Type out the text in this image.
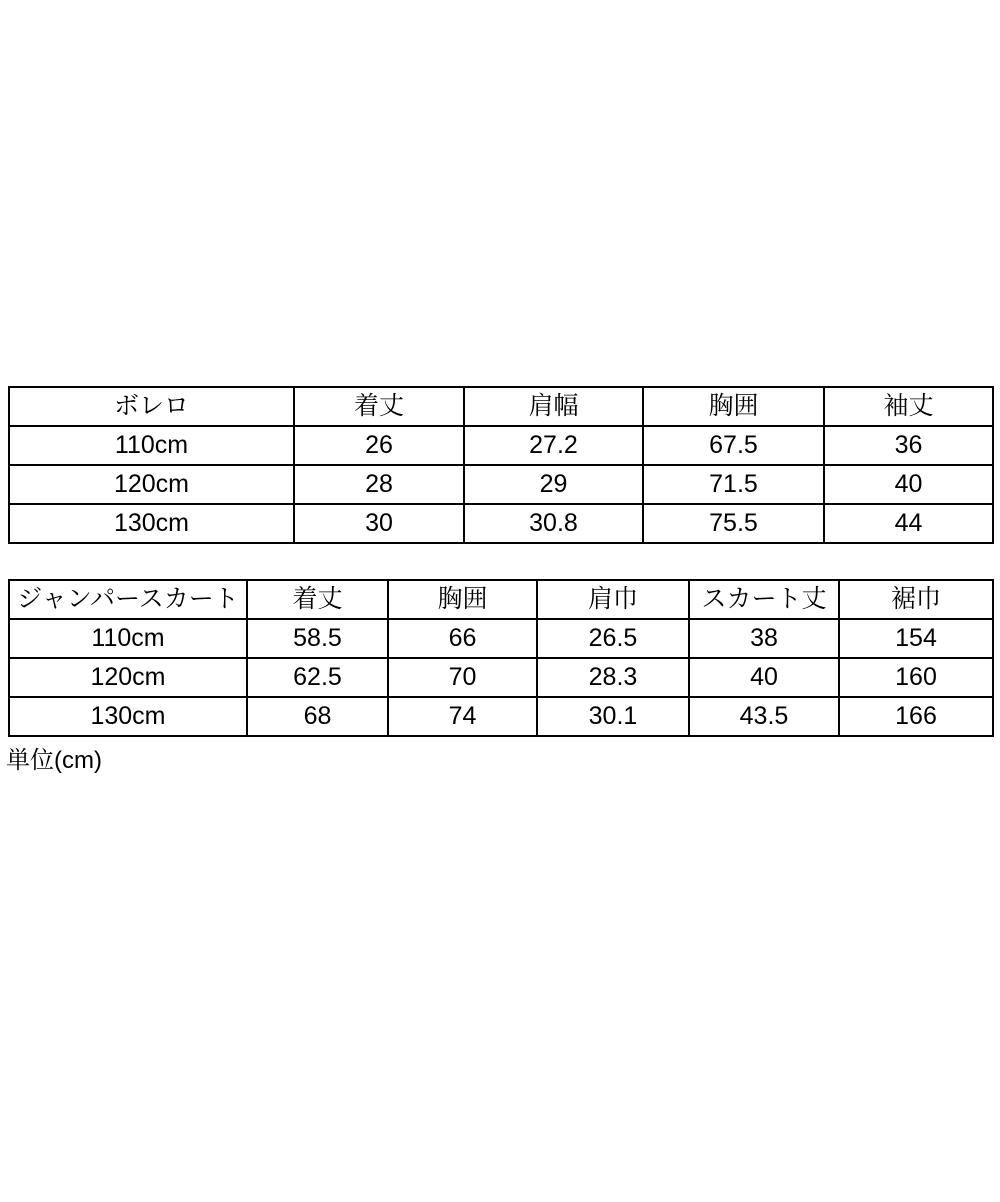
ボレロ	着丈	肩幅	胸囲	袖丈
110cm	26	27.2	67.5	36
120cm	28	29	71.5	40
130cm	30	30.8	75.5	44
ジャンパースカート	着丈	胸囲	肩巾	スカート丈	裾巾
110cm	58.5	66	26.5	38	154
120cm	62.5	70	28.3	40	160
130cm	68	74	30.1	43.5	166
単位(cm)
